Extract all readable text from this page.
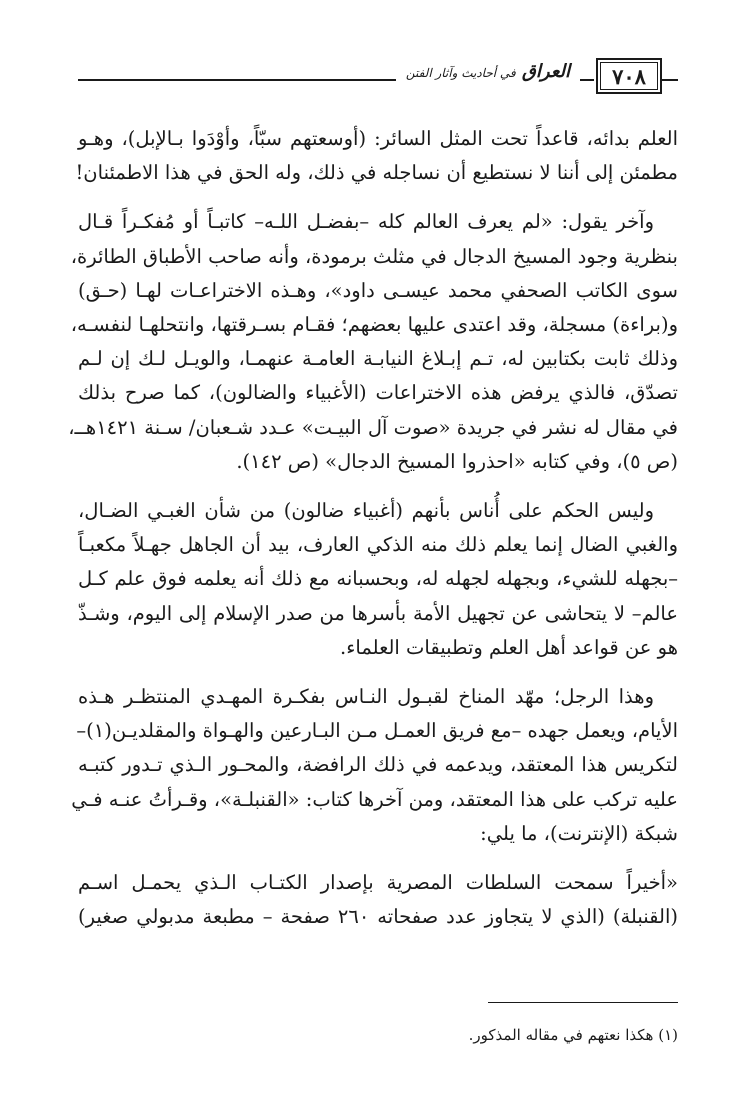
العراق في أحاديث وآثار الفتن	٧٠٨

العلم بدائه، قاعداً تحت المثل السائر: (أوسعتهم سبّاً، وأوْدَوا بـالإبل)، وهـو
مطمئن إلى أننا لا نستطيع أن نساجله في ذلك، وله الحق في هذا الاطمئنان!

وآخر يقول: «لم يعرف العالم كله –بفضـل اللـه– كاتبـاً أو مُفكـراً قـال
بنظرية وجود المسيخ الدجال في مثلث برمودة، وأنه صاحب الأطباق الطائرة،
سوى الكاتب الصحفي محمد عيسـى داود»، وهـذه الاختراعـات لهـا (حـق)
و(براءة) مسجلة، وقد اعتدى عليها بعضهم؛ فقـام بسـرقتها، وانتحلهـا لنفسـه،
وذلك ثابت بكتابين له، تـم إبـلاغ النيابـة العامـة عنهمـا، والويـل لـك إن لـم
تصدّق، فالذي يرفض هذه الاختراعات (الأغبياء والضالون)، كما صرح بذلك
في مقال له نشر في جريدة «صوت آل البيـت» عـدد شـعبان/ سـنة ١٤٢١هــ،
(ص ٥)، وفي كتابه «احذروا المسيخ الدجال» (ص ١٤٢).

وليس الحكم على أُناس بأنهم (أغبياء ضالون) من شأن الغبـي الضـال،
والغبي الضال إنما يعلم ذلك منه الذكي العارف، بيد أن الجاهل جهـلاً مكعبـاً
–بجهله للشيء، وبجهله لجهله له، وبحسبانه مع ذلك أنه يعلمه فوق علم كـل
عالم– لا يتحاشى عن تجهيل الأمة بأسرها من صدر الإسلام إلى اليوم، وشـذّ
هو عن قواعد أهل العلم وتطبيقات العلماء.

وهذا الرجل؛ مهّد المناخ لقبـول النـاس بفكـرة المهـدي المنتظـر هـذه
الأيام، ويعمل جهده –مع فريق العمـل مـن البـارعين والهـواة والمقلديـن(١)–
لتكريس هذا المعتقد، ويدعمه في ذلك الرافضة، والمحـور الـذي تـدور كتبـه
عليه تركب على هذا المعتقد، ومن آخرها كتاب: «القنبلـة»، وقـرأتُ عنـه فـي
شبكة (الإنترنت)، ما يلي:

«أخيراً سمحت السلطات المصرية بإصدار الكتـاب الـذي يحمـل اسـم
(القنبلة) (الذي لا يتجاوز عدد صفحاته ٢٦٠ صفحة – مطبعة مدبولي صغير)

(١) هكذا نعتهم في مقاله المذكور.
